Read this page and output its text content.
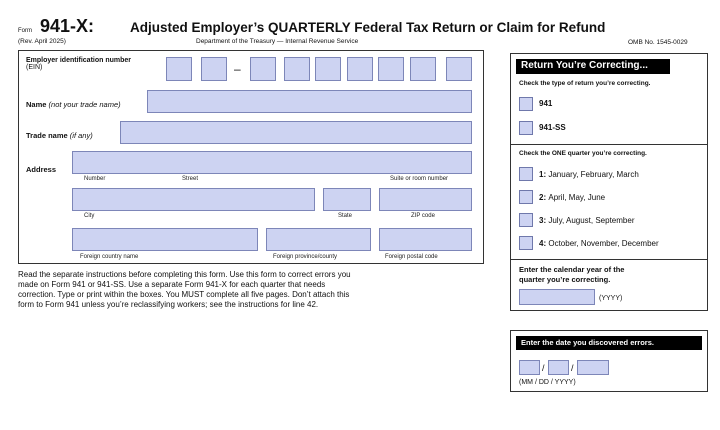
Form 941-X:
(Rev. April 2025)
Adjusted Employer’s QUARTERLY Federal Tax Return or Claim for Refund
Department of the Treasury — Internal Revenue Service	OMB No. 1545-0029
Employer identification number
(EIN)	–
Name (not your trade name)
Trade name (if any)
Address
Number	Street	Suite or room number
City	State	ZIP code
Foreign country name	Foreign province/county	Foreign postal code
Read the separate instructions before completing this form. Use this form to correct errors you
made on Form 941 or 941-SS. Use a separate Form 941-X for each quarter that needs
correction. Type or print within the boxes. You MUST complete all five pages. Don’t attach this
form to Form 941 unless you’re reclassifying workers; see the instructions for line 42.
Return You’re Correcting...
Check the type of return you’re correcting.
941
941-SS
Check the ONE quarter you’re correcting.
1: January, February, March
2: April, May, June
3: July, August, September
4: October, November, December
Enter the calendar year of the
quarter you’re correcting.
(YYYY)
Enter the date you discovered errors.
/	/
(MM / DD / YYYY)
